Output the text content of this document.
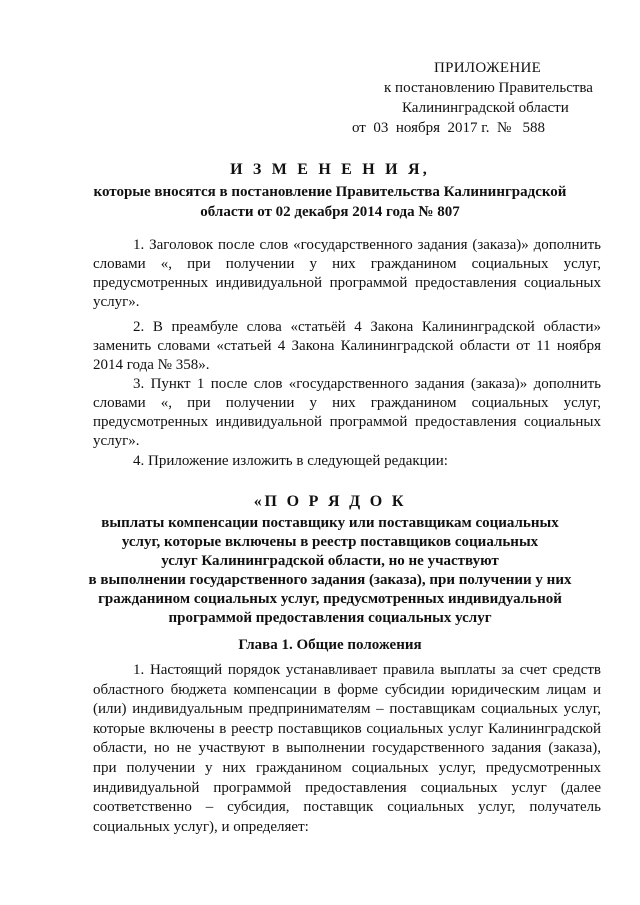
ПРИЛОЖЕНИЕ
к постановлению Правительства
Калининградской области
от  03  ноября  2017 г.  №   588
И З М Е Н Е Н И Я,
которые вносятся в постановление Правительства Калининградской
области от 02 декабря 2014 года № 807
1. Заголовок после слов «государственного задания (заказа)» дополнить словами «, при получении у них гражданином социальных услуг, предусмотренных индивидуальной программой предоставления социальных услуг».
2. В преамбуле слова «статьёй 4 Закона Калининградской области» заменить словами «статьей 4 Закона Калининградской области от 11 ноября 2014 года № 358».
3. Пункт 1 после слов «государственного задания (заказа)» дополнить словами «, при получении у них гражданином социальных услуг, предусмотренных индивидуальной программой предоставления социальных услуг».
4. Приложение изложить в следующей редакции:
«П О Р Я Д О К
выплаты компенсации поставщику или поставщикам социальных
услуг, которые включены в реестр поставщиков социальных
услуг Калининградской области, но не участвуют
в выполнении государственного задания (заказа), при получении у них
гражданином социальных услуг, предусмотренных индивидуальной
программой предоставления социальных услуг
Глава 1. Общие положения
1. Настоящий порядок устанавливает правила выплаты за счет средств областного бюджета компенсации в форме субсидии юридическим лицам и (или) индивидуальным предпринимателям – поставщикам социальных услуг, которые включены в реестр поставщиков социальных услуг Калининградской области, но не участвуют в выполнении государственного задания (заказа), при получении у них гражданином социальных услуг, предусмотренных индивидуальной программой предоставления социальных услуг (далее соответственно – субсидия, поставщик социальных услуг, получатель социальных услуг), и определяет:
